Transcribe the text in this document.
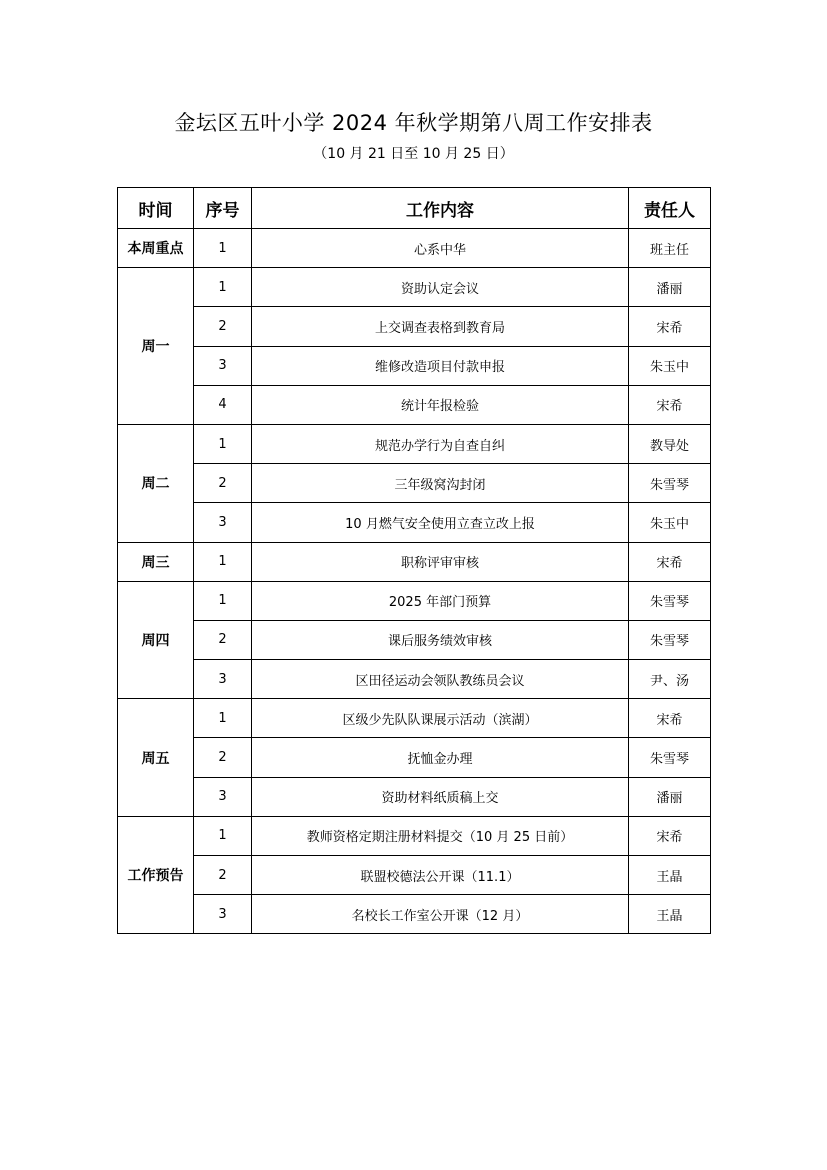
金坛区五叶小学 2024 年秋学期第八周工作安排表
（10 月 21 日至 10 月 25 日）
时间	序号	工作内容	责任人
本周重点	1	心系中华	班主任
周一	1	资助认定会议	潘丽
	2	上交调查表格到教育局	宋希
	3	维修改造项目付款申报	朱玉中
	4	统计年报检验	宋希
周二	1	规范办学行为自查自纠	教导处
	2	三年级窝沟封闭	朱雪琴
	3	10 月燃气安全使用立查立改上报	朱玉中
周三	1	职称评审审核	宋希
周四	1	2025 年部门预算	朱雪琴
	2	课后服务绩效审核	朱雪琴
	3	区田径运动会领队教练员会议	尹、汤
周五	1	区级少先队队课展示活动（滨湖）	宋希
	2	抚恤金办理	朱雪琴
	3	资助材料纸质稿上交	潘丽
工作预告	1	教师资格定期注册材料提交（10 月 25 日前）	宋希
	2	联盟校德法公开课（11.1）	王晶
	3	名校长工作室公开课（12 月）	王晶
